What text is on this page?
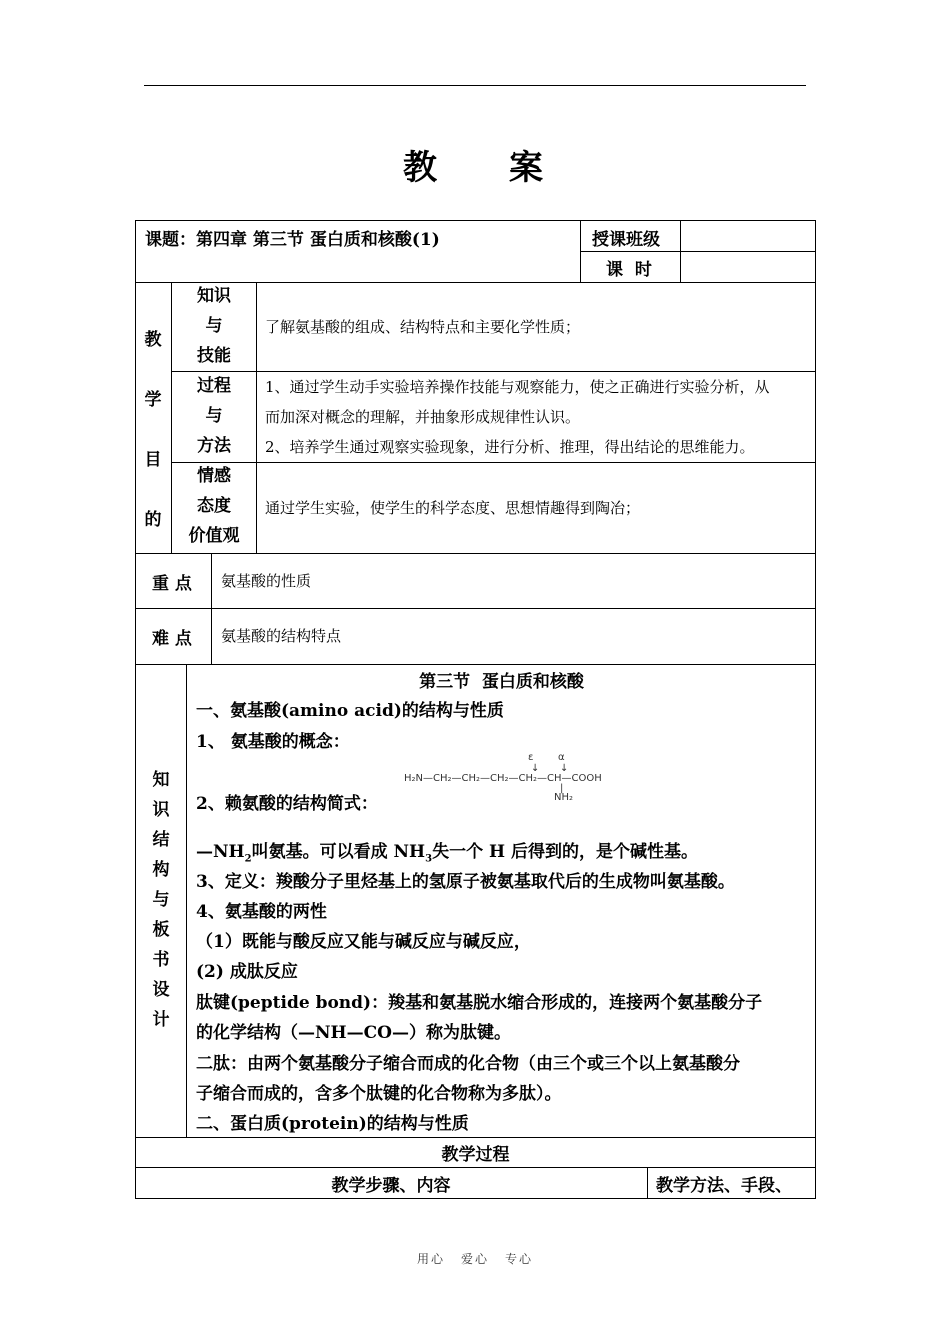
教 案
课题：第四章 第三节 蛋白质和核酸(1)	授课班级
课  时
教
学
目
的
知识
与
技能
了解氨基酸的组成、结构特点和主要化学性质；
过程
与
方法
1、通过学生动手实验培养操作技能与观察能力，使之正确进行实验分析，从
而加深对概念的理解，并抽象形成规律性认识。
2、培养学生通过观察实验现象，进行分析、推理，得出结论的思维能力。
情感
态度
价值观
通过学生实验，使学生的科学态度、思想情趣得到陶冶；
重 点 氨基酸的性质
难 点 氨基酸的结构特点
知
识
结
构
与
板
书
设
计
第三节  蛋白质和核酸
一、氨基酸(amino acid)的结构与性质
1、 氨基酸的概念：
2、赖氨酸的结构简式：
ε α
↓ ↓
H₂N—CH₂—CH₂—CH₂—CH₂—CH—COOH
|
NH₂
$—NH_2$叫氨基。可以看成 $NH_3$失一个 H 后得到的，是个碱性基。
3、定义：羧酸分子里烃基上的氢原子被氨基取代后的生成物叫氨基酸。
4、氨基酸的两性
（1）既能与酸反应又能与碱反应与碱反应，
(2) 成肽反应
肽键(peptide bond)：羧基和氨基脱水缩合形成的，连接两个氨基酸分子
的化学结构（—NH—CO—）称为肽键。
二肽：由两个氨基酸分子缩合而成的化合物（由三个或三个以上氨基酸分
子缩合而成的，含多个肽键的化合物称为多肽）。
二、蛋白质(protein)的结构与性质
教学过程
教学步骤、内容	教学方法、手段、
用心 爱心 专心
